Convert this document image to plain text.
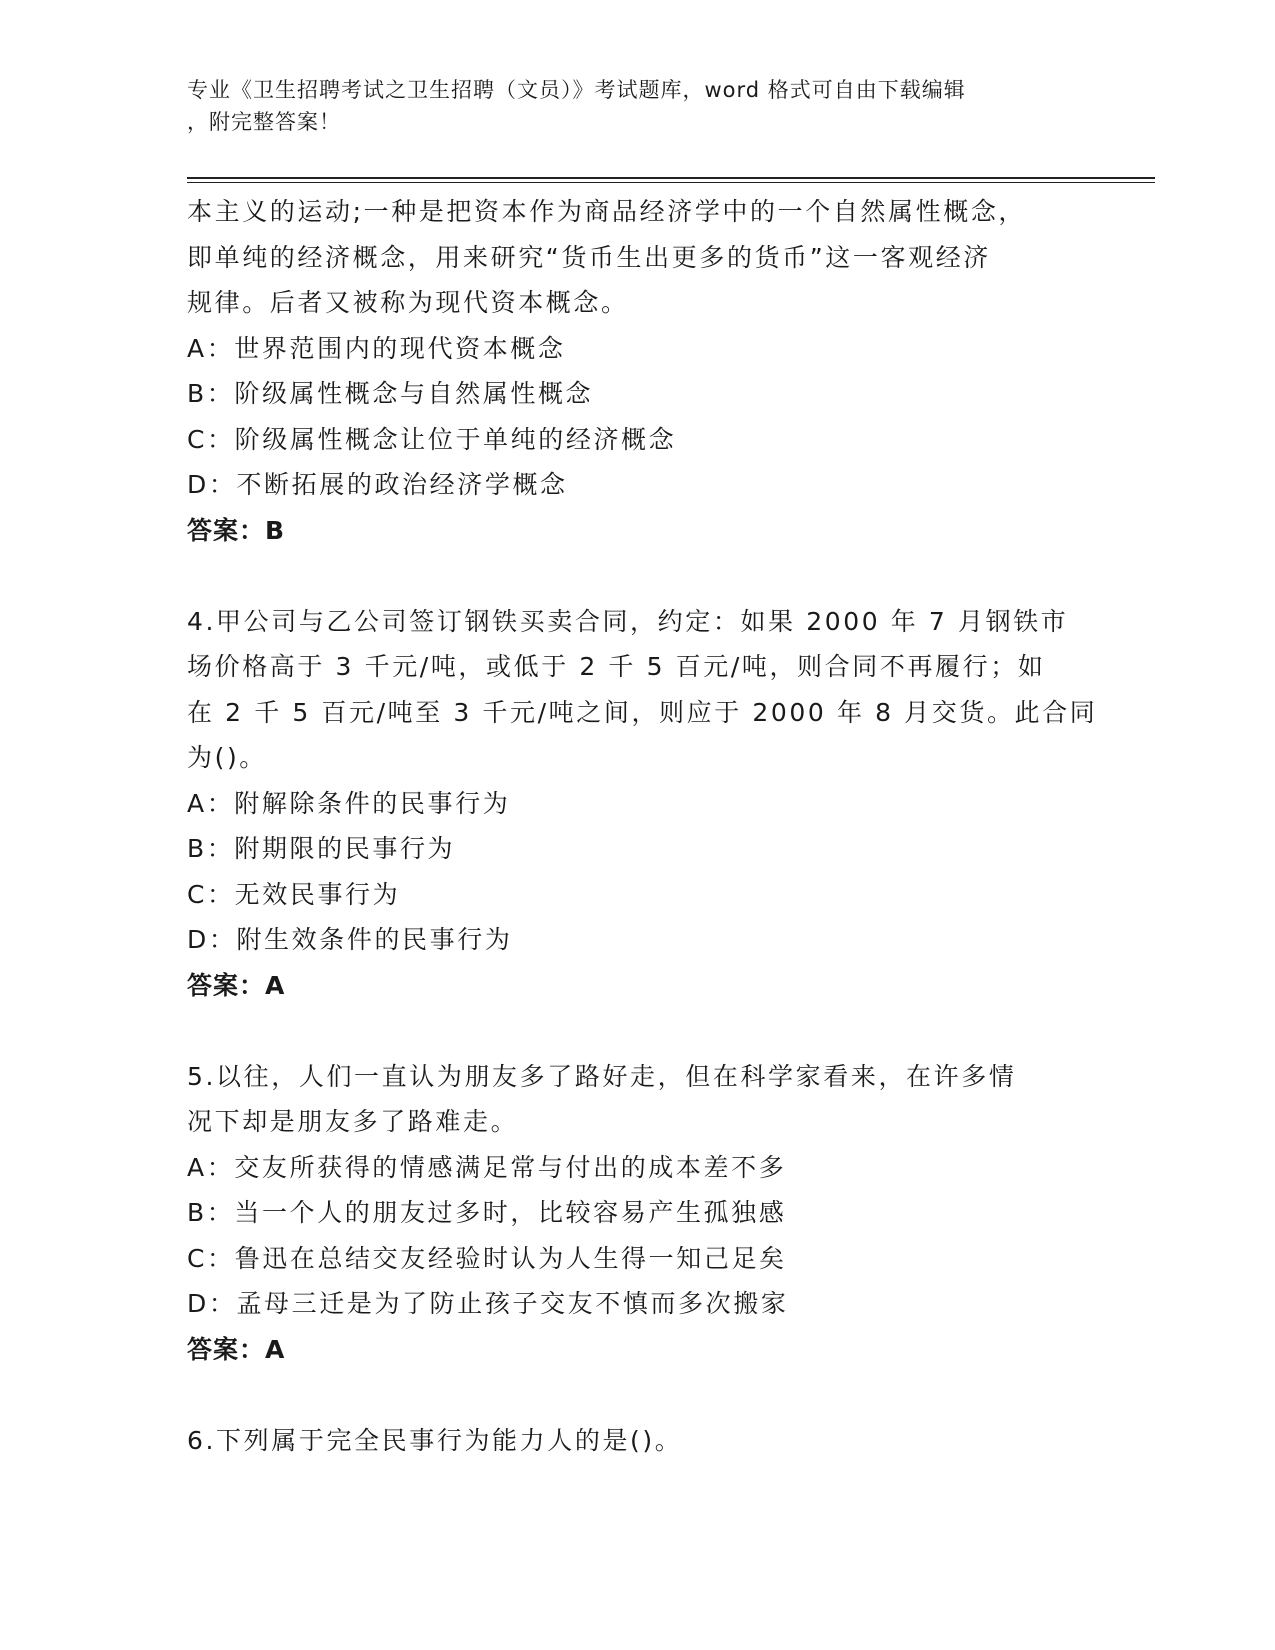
专业《卫生招聘考试之卫生招聘（文员）》考试题库，word 格式可自由下载编辑
，附完整答案！
本主义的运动;一种是把资本作为商品经济学中的一个自然属性概念，
即单纯的经济概念，用来研究“货币生出更多的货币”这一客观经济
规律。后者又被称为现代资本概念。
A：世界范围内的现代资本概念
B：阶级属性概念与自然属性概念
C：阶级属性概念让位于单纯的经济概念
D：不断拓展的政治经济学概念
答案：B
4.甲公司与乙公司签订钢铁买卖合同，约定：如果 2000 年 7 月钢铁市
场价格高于 3 千元/吨，或低于 2 千 5 百元/吨，则合同不再履行；如
在 2 千 5 百元/吨至 3 千元/吨之间，则应于 2000 年 8 月交货。此合同
为()。
A：附解除条件的民事行为
B：附期限的民事行为
C：无效民事行为
D：附生效条件的民事行为
答案：A
5.以往，人们一直认为朋友多了路好走，但在科学家看来，在许多情
况下却是朋友多了路难走。
A：交友所获得的情感满足常与付出的成本差不多
B：当一个人的朋友过多时，比较容易产生孤独感
C：鲁迅在总结交友经验时认为人生得一知己足矣
D：孟母三迁是为了防止孩子交友不慎而多次搬家
答案：A
6.下列属于完全民事行为能力人的是()。
